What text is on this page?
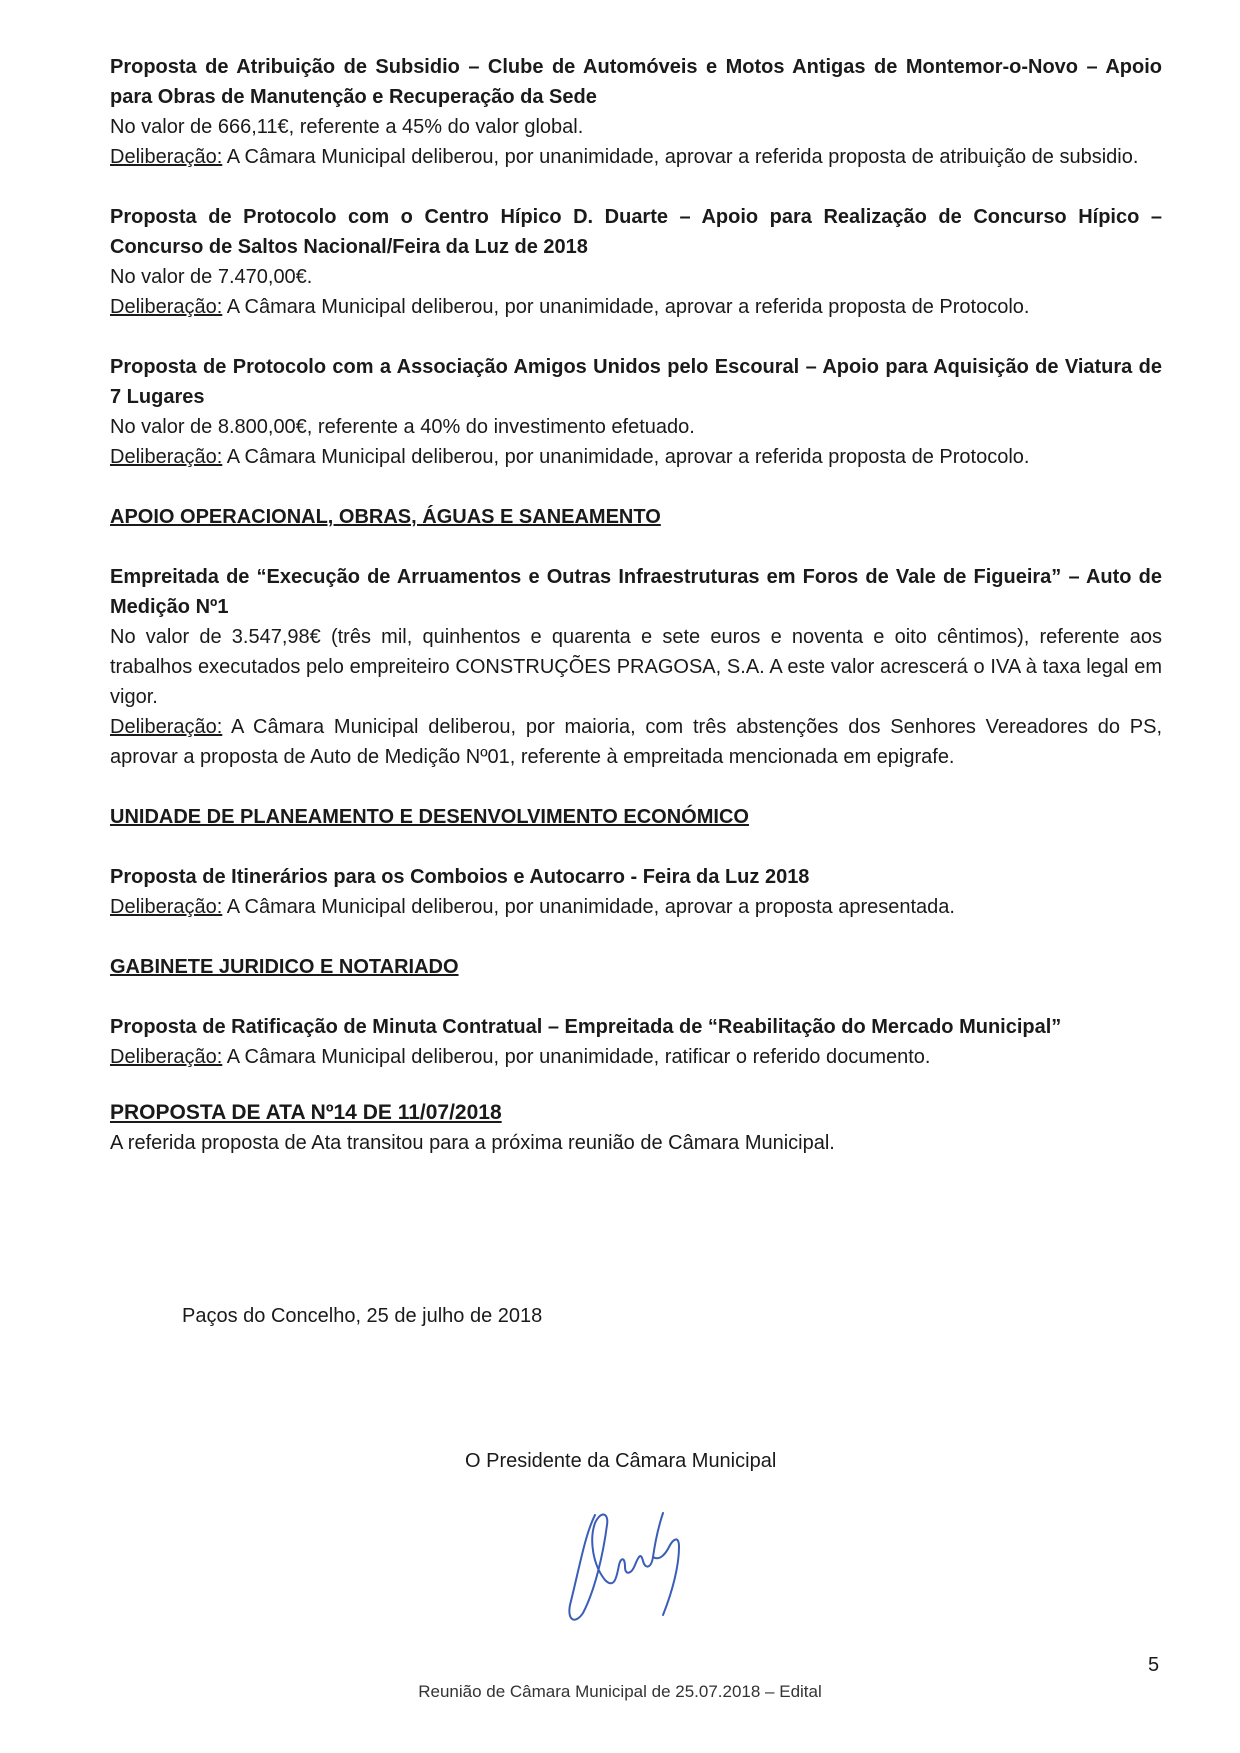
Proposta de Atribuição de Subsidio – Clube de Automóveis e Motos Antigas de Montemor-o-Novo – Apoio para Obras de Manutenção e Recuperação da Sede
No valor de 666,11€, referente a 45% do valor global.
Deliberação: A Câmara Municipal deliberou, por unanimidade, aprovar a referida proposta de atribuição de subsidio.
Proposta de Protocolo com o Centro Hípico D. Duarte – Apoio para Realização de Concurso Hípico – Concurso de Saltos Nacional/Feira da Luz de 2018
No valor de 7.470,00€.
Deliberação: A Câmara Municipal deliberou, por unanimidade, aprovar a referida proposta de Protocolo.
Proposta de Protocolo com a Associação Amigos Unidos pelo Escoural – Apoio para Aquisição de Viatura de 7 Lugares
No valor de 8.800,00€, referente a 40% do investimento efetuado.
Deliberação: A Câmara Municipal deliberou, por unanimidade, aprovar a referida proposta de Protocolo.
APOIO OPERACIONAL, OBRAS, ÁGUAS E SANEAMENTO
Empreitada de “Execução de Arruamentos e Outras Infraestruturas em Foros de Vale de Figueira” – Auto de Medição Nº1
No valor de 3.547,98€ (três mil, quinhentos e quarenta e sete euros e noventa e oito cêntimos), referente aos trabalhos executados pelo empreiteiro CONSTRUÇÕES PRAGOSA, S.A. A este valor acrescerá o IVA à taxa legal em vigor.
Deliberação: A Câmara Municipal deliberou, por maioria, com três abstenções dos Senhores Vereadores do PS, aprovar a proposta de Auto de Medição Nº01, referente à empreitada mencionada em epigrafe.
UNIDADE DE PLANEAMENTO E DESENVOLVIMENTO ECONÓMICO
Proposta de Itinerários para os Comboios e Autocarro - Feira da Luz 2018
Deliberação: A Câmara Municipal deliberou, por unanimidade, aprovar a proposta apresentada.
GABINETE JURIDICO E NOTARIADO
Proposta de Ratificação de Minuta Contratual – Empreitada de “Reabilitação do Mercado Municipal”
Deliberação: A Câmara Municipal deliberou, por unanimidade, ratificar o referido documento.
PROPOSTA DE ATA Nº14 DE 11/07/2018
A referida proposta de Ata transitou para a próxima reunião de Câmara Municipal.
Paços do Concelho, 25 de julho de 2018
O Presidente da Câmara Municipal
5
Reunião de Câmara Municipal de 25.07.2018 – Edital
